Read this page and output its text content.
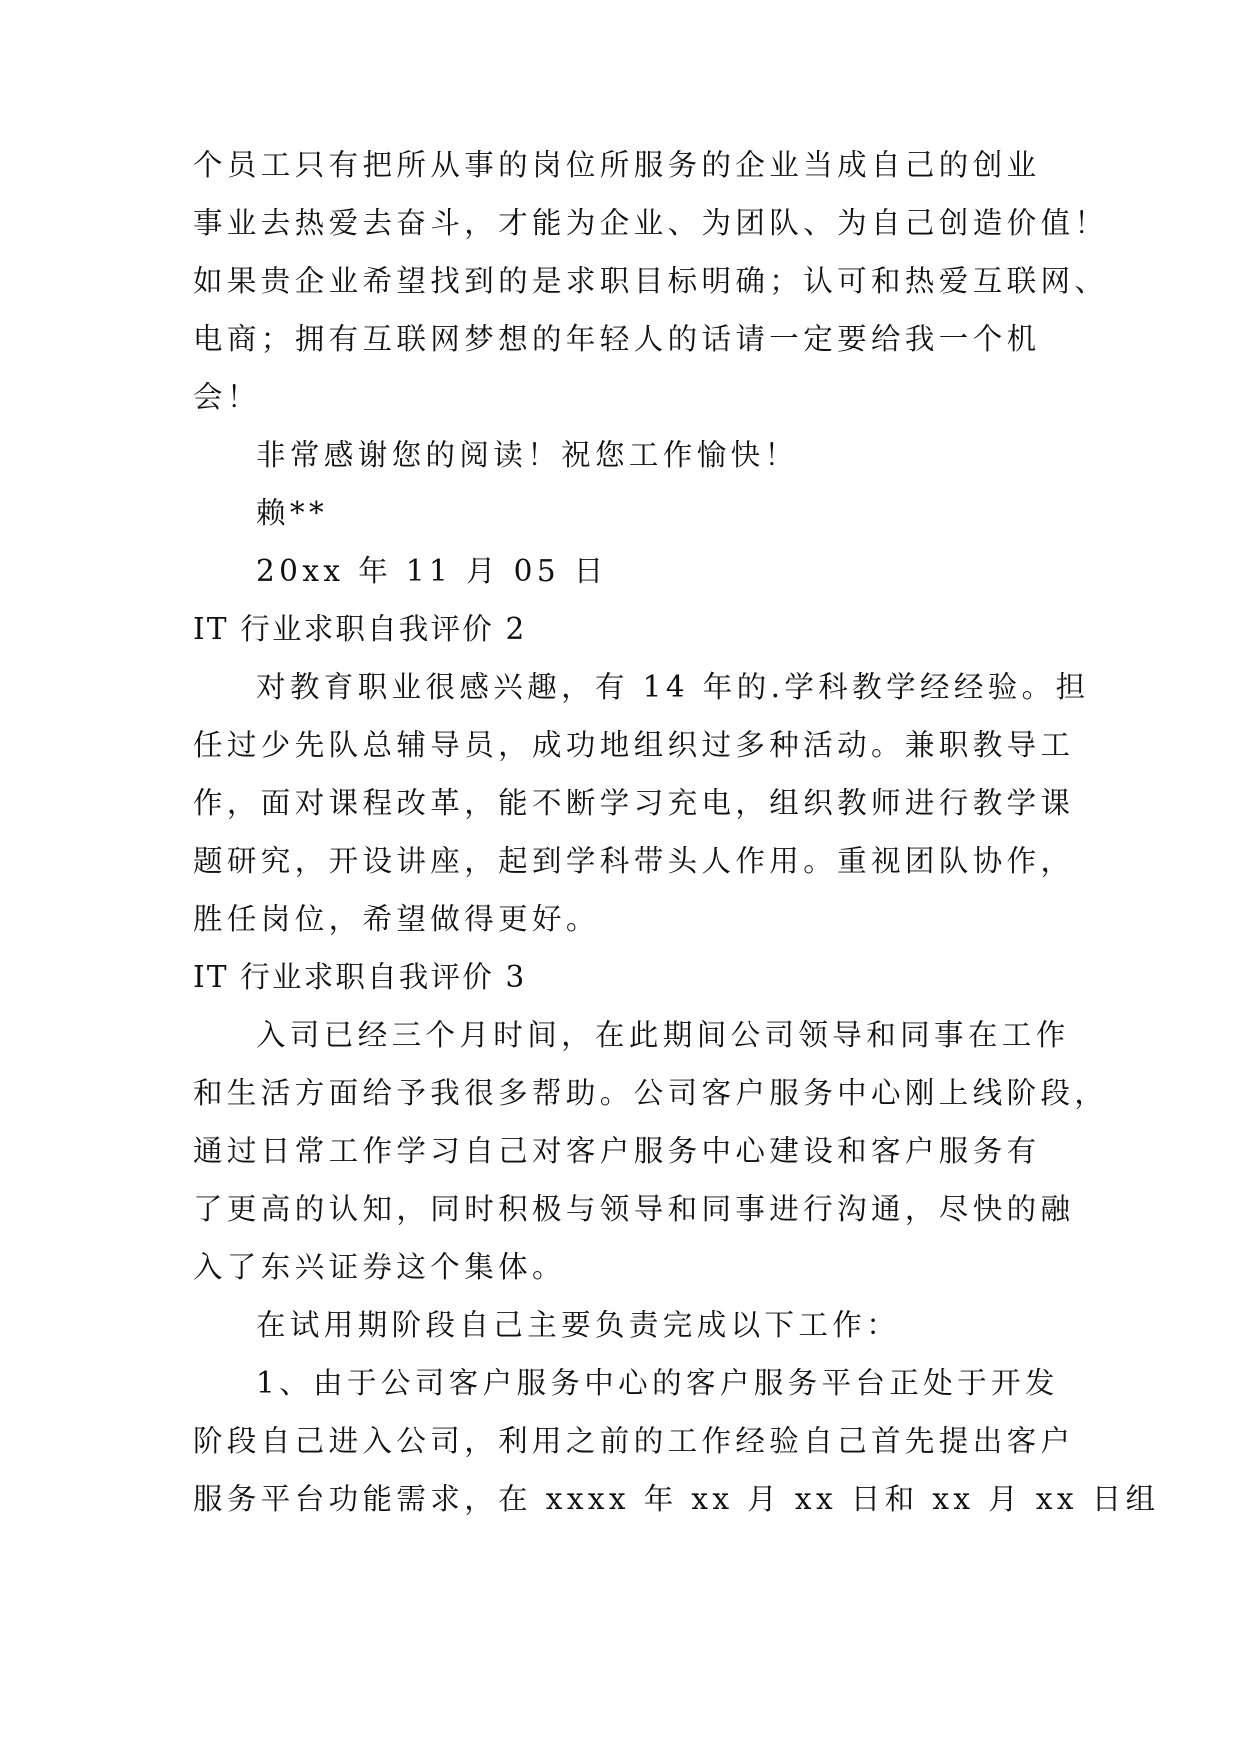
个员工只有把所从事的岗位所服务的企业当成自己的创业
事业去热爱去奋斗，才能为企业、为团队、为自己创造价值！
如果贵企业希望找到的是求职目标明确；认可和热爱互联网、
电商；拥有互联网梦想的年轻人的话请一定要给我一个机
会！
非常感谢您的阅读！祝您工作愉快！
赖**
20xx 年 11 月 05 日
IT 行业求职自我评价 2
对教育职业很感兴趣，有 14 年的.学科教学经经验。担
任过少先队总辅导员，成功地组织过多种活动。兼职教导工
作，面对课程改革，能不断学习充电，组织教师进行教学课
题研究，开设讲座，起到学科带头人作用。重视团队协作，
胜任岗位，希望做得更好。
IT 行业求职自我评价 3
入司已经三个月时间，在此期间公司领导和同事在工作
和生活方面给予我很多帮助。公司客户服务中心刚上线阶段，
通过日常工作学习自己对客户服务中心建设和客户服务有
了更高的认知，同时积极与领导和同事进行沟通，尽快的融
入了东兴证券这个集体。
在试用期阶段自己主要负责完成以下工作：
1、由于公司客户服务中心的客户服务平台正处于开发
阶段自己进入公司，利用之前的工作经验自己首先提出客户
服务平台功能需求，在 xxxx 年 xx 月 xx 日和 xx 月 xx 日组
